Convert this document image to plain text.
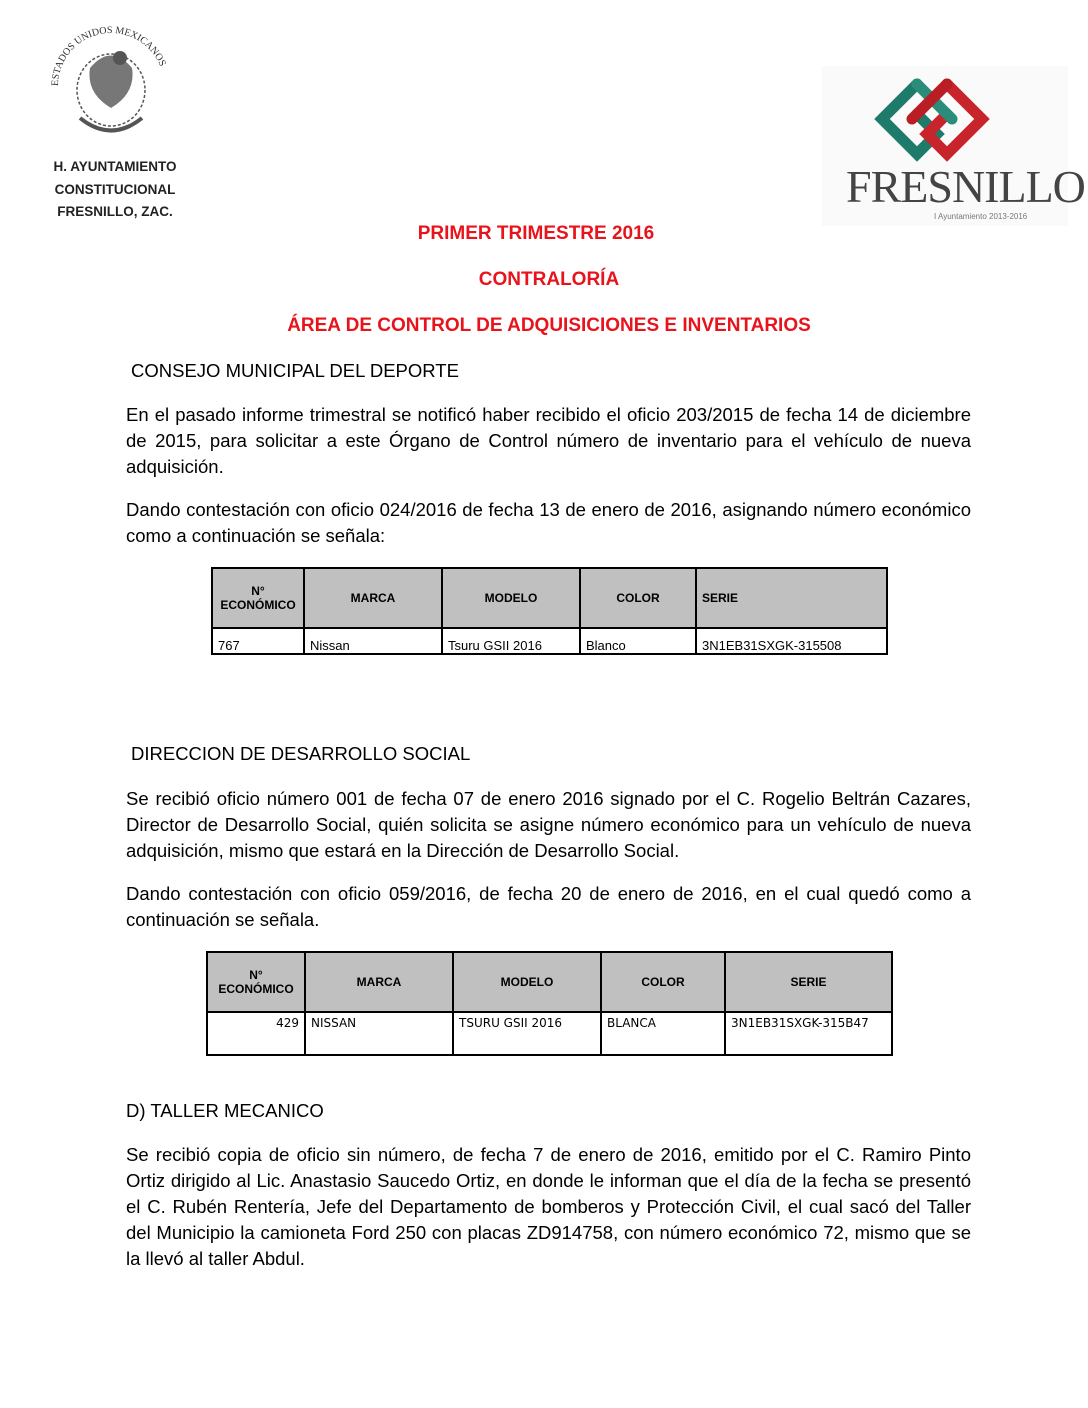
ESTADOS UNIDOS MEXICANOS
H. AYUNTAMIENTO
CONSTITUCIONAL
FRESNILLO, ZAC.	FRESNILLO
I Ayuntamiento 2013-2016
PRIMER TRIMESTRE 2016
CONTRALORÍA
ÁREA DE CONTROL DE ADQUISICIONES E INVENTARIOS
CONSEJO MUNICIPAL DEL DEPORTE
En el pasado informe trimestral se notificó haber recibido el oficio 203/2015 de fecha 14 de diciembre de 2015, para solicitar a este Órgano de Control número de inventario para el vehículo de nueva adquisición.
Dando contestación con oficio 024/2016 de fecha 13 de enero de 2016, asignando número económico como a continuación se señala:
N° ECONÓMICO	MARCA	MODELO	COLOR	SERIE
767	Nissan	Tsuru GSII 2016	Blanco	3N1EB31SXGK-315508
DIRECCION DE DESARROLLO SOCIAL
Se recibió oficio número 001 de fecha 07 de enero 2016 signado por el C. Rogelio Beltrán Cazares, Director de Desarrollo Social, quién solicita se asigne número económico para un vehículo de nueva adquisición, mismo que estará en la Dirección de Desarrollo Social.
Dando contestación con oficio 059/2016, de fecha 20 de enero de 2016, en el cual quedó como a continuación se señala.
N° ECONÓMICO	MARCA	MODELO	COLOR	SERIE
429	NISSAN	TSURU GSII 2016	BLANCA	3N1EB31SXGK-315B47
D) TALLER MECANICO
Se recibió copia de oficio sin número, de fecha 7 de enero de 2016, emitido por el C. Ramiro Pinto Ortiz dirigido al Lic. Anastasio Saucedo Ortiz, en donde le informan que el día de la fecha se presentó el C. Rubén Rentería, Jefe del Departamento de bomberos y Protección Civil, el cual sacó del Taller del Municipio la camioneta Ford 250 con placas ZD914758, con número económico 72, mismo que se la llevó al taller Abdul.
